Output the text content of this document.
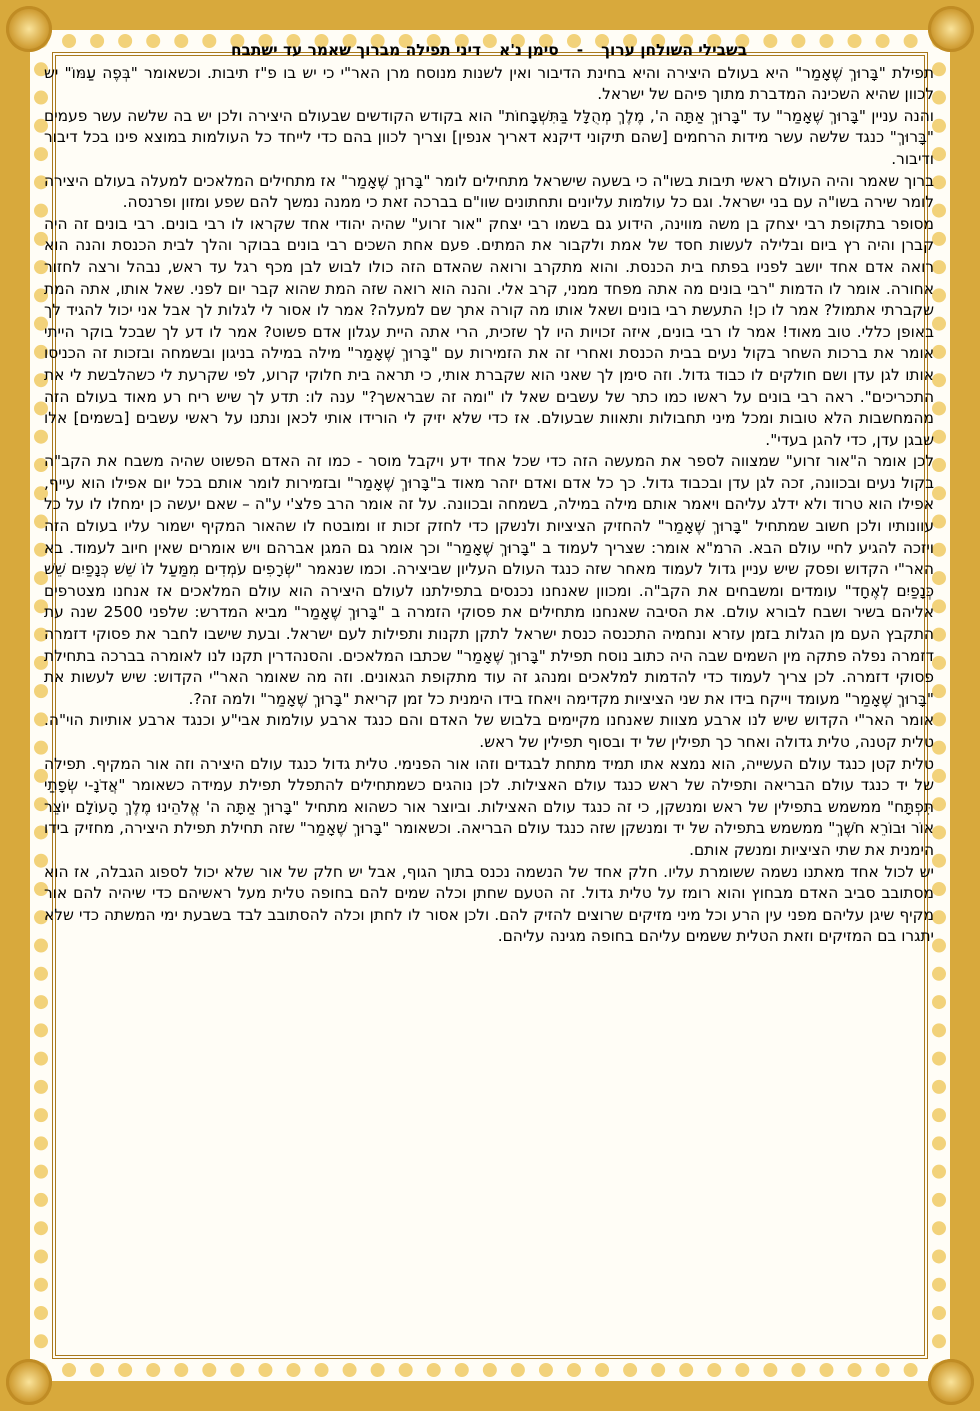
בשבילי השולחן ערוך
-
סימן נ'א
דיני תפילה מברוך שאמר עד ישתבח

תפילת "בָּרוּךְ שֶׁאָמַר" היא בעולם היצירה והיא בחינת הדיבור ואין לשנות מנוסח מרן האר"י כי יש בו פ"ז תיבות. וכשאומר "בְּפֶה עַמּוֹ" יש לכוון שהיא השכינה המדברת מתוך פיהם של ישראל.

והנה עניין "בָּרוּךְ שֶׁאָמַר" עד "בָּרוּךְ אַתָּה ה', מֶלֶךְ מְהֻלָּל בַּתִּשְׁבָּחוֹת" הוא בקודש הקודשים שבעולם היצירה ולכן יש בה שלשה עשר פעמים "בָּרוּךְ" כנגד שלשה עשר מידות הרחמים [שהם תיקוני דיקנא דאריך אנפין] וצריך לכוון בהם כדי לייחד כל העולמות במוצא פינו בכל דיבור ודיבור.

ברוך שאמר והיה העולם ראשי תיבות בשו"ה כי בשעה שישראל מתחילים לומר "בָּרוּךְ שֶׁאָמַר" אז מתחילים המלאכים למעלה בעולם היצירה לומר שירה בשו"ה עם בני ישראל. וגם כל עולמות עליונים ותחתונים שוו"ם בברכה זאת כי ממנה נמשך להם שפע ומזון ופרנסה.

מסופר בתקופת רבי יצחק בן משה מווינה, הידוע גם בשמו רבי יצחק "אור זרוע" שהיה יהודי אחד שקראו לו רבי בונים. רבי בונים זה היה קברן והיה רץ ביום ובלילה לעשות חסד של אמת ולקבור את המתים. פעם אחת השכים רבי בונים בבוקר והלך לבית הכנסת והנה הוא רואה אדם אחד יושב לפניו בפתח בית הכנסת. והוא מתקרב ורואה שהאדם הזה כולו לבוש לבן מכף רגל עד ראש, נבהל ורצה לחזור אחורה. אומר לו הדמות "רבי בונים מה אתה מפחד ממני, קרב אלי. והנה הוא רואה שזה המת שהוא קבר יום לפני. שאל אותו, אתה המת שקברתי אתמול? אמר לו כן! התעשת רבי בונים ושאל אותו מה קורה אתך שם למעלה? אמר לו אסור לי לגלות לך אבל אני יכול להגיד לך באופן כללי. טוב מאוד! אמר לו רבי בונים, איזה זכויות היו לך שזכית, הרי אתה היית עגלון אדם פשוט? אמר לו דע לך שבכל בוקר הייתי אומר את ברכות השחר בקול נעים בבית הכנסת ואחרי זה את הזמירות עם "בָּרוּךְ שֶׁאָמַר" מילה במילה בניגון ובשמחה ובזכות זה הכניסו אותו לגן עדן ושם חולקים לו כבוד גדול. וזה סימן לך שאני הוא שקברת אותי, כי תראה בית חלוקי קרוע, לפי שקרעת לי כשהלבשת לי את התכריכים". ראה רבי בונים על ראשו כמו כתר של עשבים שאל לו "ומה זה שבראשך?" ענה לו: תדע לך שיש ריח רע מאוד בעולם הזה מהמחשבות הלא טובות ומכל מיני תחבולות ותאוות שבעולם. אז כדי שלא יזיק לי הורידו אותי לכאן ונתנו על ראשי עשבים [בשמים] אלו שבגן עדן, כדי להגן בעדי".

לכן אומר ה"אור זרוע" שמצווה לספר את המעשה הזה כדי שכל אחד ידע ויקבל מוסר - כמו זה האדם הפשוט שהיה משבח את הקב"ה בקול נעים ובכוונה, זכה לגן עדן ובכבוד גדול. כך כל אדם ואדם יזהר מאוד ב"בָּרוּךְ שֶׁאָמַר" ובזמירות לומר אותם בכל יום אפילו הוא עייף, אפילו הוא טרוד ולא ידלג עליהם ויאמר אותם מילה במילה, בשמחה ובכוונה. על זה אומר הרב פלצ'י ע"ה – שאם יעשה כן ימחלו לו על כל עוונותיו ולכן חשוב שמתחיל "בָּרוּךְ שֶׁאָמַר" להחזיק הציציות ולנשקן כדי לחזק זכות זו ומובטח לו שהאור המקיף ישמור עליו בעולם הזה ויזכה להגיע לחיי עולם הבא. הרמ"א אומר: שצריך לעמוד ב "בָּרוּךְ שֶׁאָמַר" וכך אומר גם המגן אברהם ויש אומרים שאין חיוב לעמוד. בא האר"י הקדוש ופסק שיש עניין גדול לעמוד מאחר שזה כנגד העולם העליון שביצירה. וכמו שנאמר "שְׂרָפִים עֹמְדִים מִמַּעַל לוֹ שֵׁשׁ כְּנָפַיִם שֵׁשׁ כְּנָפַיִם לְאֶחָד" עומדים ומשבחים את הקב"ה. ומכוון שאנחנו נכנסים בתפילתנו לעולם היצירה הוא עולם המלאכים אז אנחנו מצטרפים אליהם בשיר ושבח לבורא עולם. את הסיבה שאנחנו מתחילים את פסוקי הזמרה ב "בָּרוּךְ שֶׁאָמַר" מביא המדרש: שלפני 2500 שנה עת התקבץ העם מן הגלות בזמן עזרא ונחמיה התכנסה כנסת ישראל לתקן תקנות ותפילות לעם ישראל. ובעת שישבו לחבר את פסוקי דזמרה דזמרה נפלה פתקה מין השמים שבה היה כתוב נוסח תפילת "בָּרוּךְ שֶׁאָמַר" שכתבו המלאכים. והסנהדרין תקנו לנו לאומרה בברכה בתחילת פסוקי דזמרה. לכן צריך לעמוד כדי להדמות למלאכים ומנהג זה עוד מתקופת הגאונים. וזה מה שאומר האר"י הקדוש: שיש לעשות את "בָּרוּךְ שֶׁאָמַר" מעומד וייקח בידו את שני הציציות מקדימה ויאחז בידו הימנית כל זמן קריאת "בָּרוּךְ שֶׁאָמַר" ולמה זה?.

אומר האר"י הקדוש שיש לנו ארבע מצוות שאנחנו מקיימים בלבוש של האדם והם כנגד ארבע עולמות אבי"ע וכנגד ארבע אותיות הוי"ה. טלית קטנה, טלית גדולה ואחר כך תפילין של יד ובסוף תפילין של ראש.

טלית קטן כנגד עולם העשייה, הוא נמצא אתו תמיד מתחת לבגדים וזהו אור הפנימי. טלית גדול כנגד עולם היצירה וזה אור המקיף. תפילה של יד כנגד עולם הבריאה ותפילה של ראש כנגד עולם האצילות. לכן נוהגים כשמתחילים להתפלל תפילת עמידה כשאומר "אֲדֹנָ-י שְׂפָתַי תִּפְתָּח" ממשמש בתפילין של ראש ומנשקן, כי זה כנגד עולם האצילות. וביוצר אור כשהוא מתחיל "בָּרוּךְ אַתָּה ה' אֱלֹהֵינוּ מֶלֶךְ הָעוֹלָם יוֹצֵר אוֹר וּבוֹרֵא חֹשֶׁךְ" ממשמש בתפילה של יד ומנשקן שזה כנגד עולם הבריאה. וכשאומר "בָּרוּךְ שֶׁאָמַר" שזה תחילת תפילת היצירה, מחזיק בידו הימנית את שתי הציציות ומנשק אותם.

יש לכול אחד מאתנו נשמה ששומרת עליו. חלק אחד של הנשמה נכנס בתוך הגוף, אבל יש חלק של אור שלא יכול לספוג הגבלה, אז הוא מסתובב סביב האדם מבחוץ והוא רומז על טלית גדול. זה הטעם שחתן וכלה שמים להם בחופה טלית מעל ראשיהם כדי שיהיה להם אור מקיף שיגן עליהם מפני עין הרע וכל מיני מזיקים שרוצים להזיק להם. ולכן אסור לו לחתן וכלה להסתובב לבד בשבעת ימי המשתה כדי שלא יתגרו בם המזיקים וזאת הטלית ששמים עליהם בחופה מגינה עליהם.
